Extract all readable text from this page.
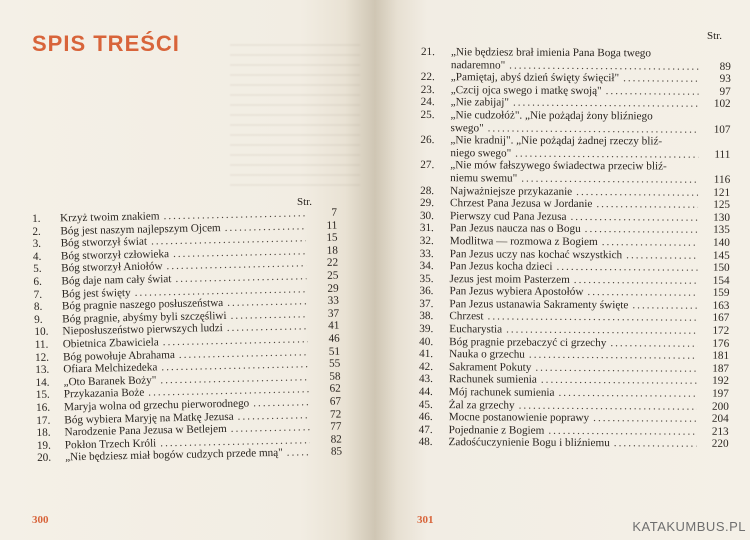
SPIS TREŚCI
Str.
1.	Krzyż twoim znakiem .....	7
2.	Bóg jest naszym najlepszym Ojcem .....	11
3.	Bóg stworzył świat .....	15
4.	Bóg stworzył człowieka .....	18
5.	Bóg stworzył Aniołów .....	22
6.	Bóg daje nam cały świat .....	25
7.	Bóg jest święty .....	29
8.	Bóg pragnie naszego posłuszeństwa .....	33
9.	Bóg pragnie, abyśmy byli szczęśliwi .....	37
10.	Nieposłuszeństwo pierwszych ludzi .....	41
11.	Obietnica Zbawiciela .....	46
12.	Bóg powołuje Abrahama .....	51
13.	Ofiara Melchizedeka .....	55
14.	„Oto Baranek Boży" .....	58
15.	Przykazania Boże .....	62
16.	Maryja wolna od grzechu pierworodnego .....	67
17.	Bóg wybiera Maryję na Matkę Jezusa .....	72
18.	Narodzenie Pana Jezusa w Betlejem .....	77
19.	Pokłon Trzech Króli .....	82
20.	„Nie będziesz miał bogów cudzych przede mną" .....	85
300
Str.
21.	„Nie będziesz brał imienia Pana Boga twego
nadaremno" .....	89
22.	„Pamiętaj, abyś dzień święty święcił" .....	93
23.	„Czcij ojca swego i matkę swoją" .....	97
24.	„Nie zabijaj" .....	102
25.	„Nie cudzołóż". „Nie pożądaj żony bliźniego
swego" .....	107
26.	„Nie kradnij". „Nie pożądaj żadnej rzeczy bliź-
niego swego" .....	111
27.	„Nie mów fałszywego świadectwa przeciw bliź-
niemu swemu" .....	116
28.	Najważniejsze przykazanie .....	121
29.	Chrzest Pana Jezusa w Jordanie .....	125
30.	Pierwszy cud Pana Jezusa .....	130
31.	Pan Jezus naucza nas o Bogu .....	135
32.	Modlitwa — rozmowa z Bogiem .....	140
33.	Pan Jezus uczy nas kochać wszystkich .....	145
34.	Pan Jezus kocha dzieci .....	150
35.	Jezus jest moim Pasterzem .....	154
36.	Pan Jezus wybiera Apostołów .....	159
37.	Pan Jezus ustanawia Sakramenty święte .....	163
38.	Chrzest .....	167
39.	Eucharystia .....	172
40.	Bóg pragnie przebaczyć ci grzechy .....	176
41.	Nauka o grzechu .....	181
42.	Sakrament Pokuty .....	187
43.	Rachunek sumienia .....	192
44.	Mój rachunek sumienia .....	197
45.	Żal za grzechy .....	200
46.	Mocne postanowienie poprawy .....	204
47.	Pojednanie z Bogiem .....	213
48.	Zadośćuczynienie Bogu i bliźniemu .....	220
301	KATAKUMBUS.PL
